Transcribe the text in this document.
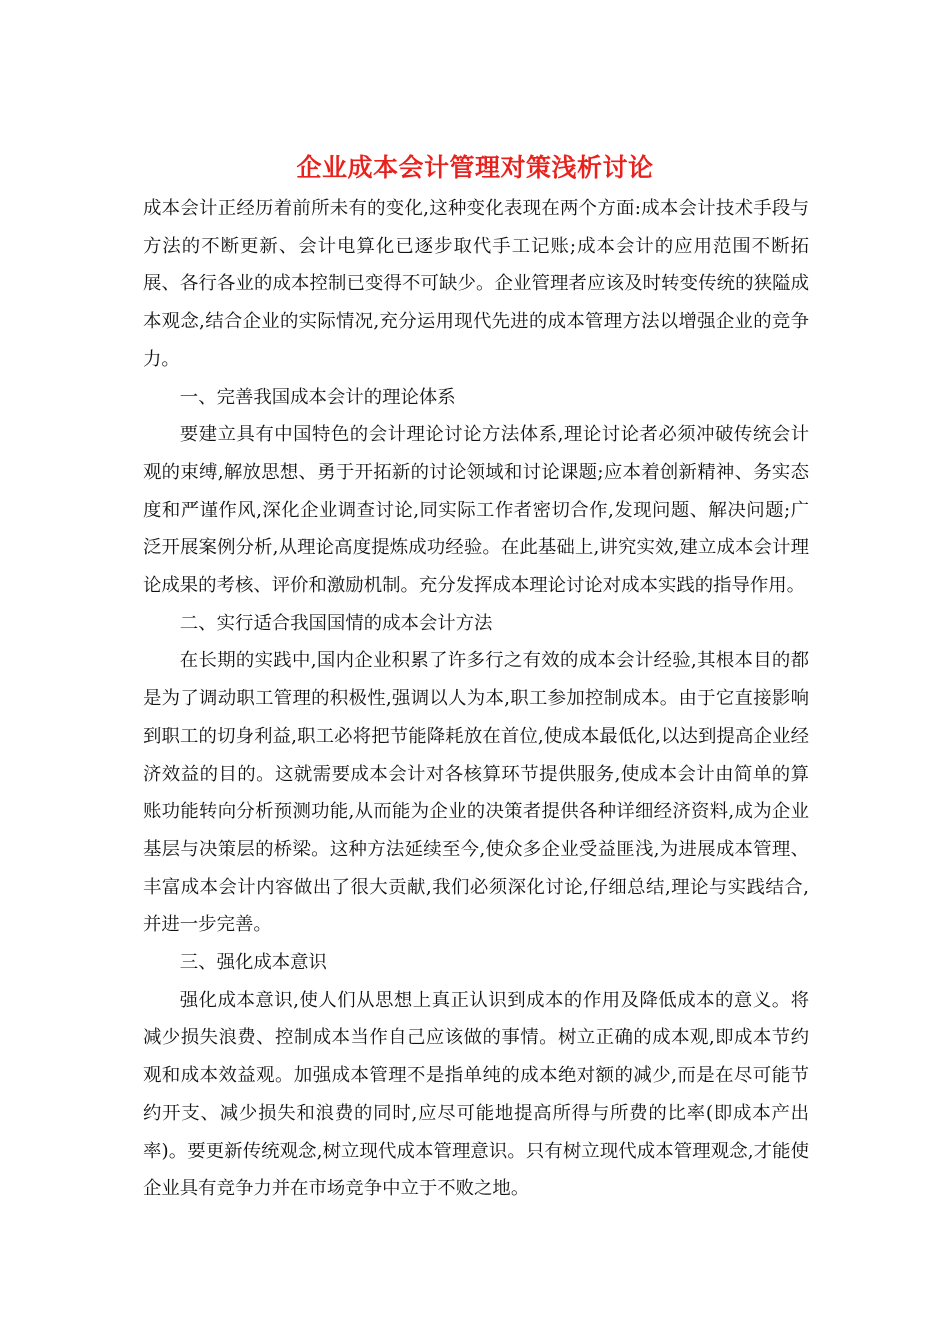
企业成本会计管理对策浅析讨论

成本会计正经历着前所未有的变化,这种变化表现在两个方面:成本会计技术手段与方法的不断更新、会计电算化已逐步取代手工记账;成本会计的应用范围不断拓展、各行各业的成本控制已变得不可缺少。企业管理者应该及时转变传统的狭隘成本观念,结合企业的实际情况,充分运用现代先进的成本管理方法以增强企业的竞争力。

一、完善我国成本会计的理论体系

要建立具有中国特色的会计理论讨论方法体系,理论讨论者必须冲破传统会计观的束缚,解放思想、勇于开拓新的讨论领域和讨论课题;应本着创新精神、务实态度和严谨作风,深化企业调查讨论,同实际工作者密切合作,发现问题、解决问题;广泛开展案例分析,从理论高度提炼成功经验。在此基础上,讲究实效,建立成本会计理论成果的考核、评价和激励机制。充分发挥成本理论讨论对成本实践的指导作用。

二、实行适合我国国情的成本会计方法

在长期的实践中,国内企业积累了许多行之有效的成本会计经验,其根本目的都是为了调动职工管理的积极性,强调以人为本,职工参加控制成本。由于它直接影响到职工的切身利益,职工必将把节能降耗放在首位,使成本最低化,以达到提高企业经济效益的目的。这就需要成本会计对各核算环节提供服务,使成本会计由简单的算账功能转向分析预测功能,从而能为企业的决策者提供各种详细经济资料,成为企业基层与决策层的桥梁。这种方法延续至今,使众多企业受益匪浅,为进展成本管理、丰富成本会计内容做出了很大贡献,我们必须深化讨论,仔细总结,理论与实践结合,并进一步完善。

三、强化成本意识

强化成本意识,使人们从思想上真正认识到成本的作用及降低成本的意义。将减少损失浪费、控制成本当作自己应该做的事情。树立正确的成本观,即成本节约观和成本效益观。加强成本管理不是指单纯的成本绝对额的减少,而是在尽可能节约开支、减少损失和浪费的同时,应尽可能地提高所得与所费的比率(即成本产出率)。要更新传统观念,树立现代成本管理意识。只有树立现代成本管理观念,才能使企业具有竞争力并在市场竞争中立于不败之地。
